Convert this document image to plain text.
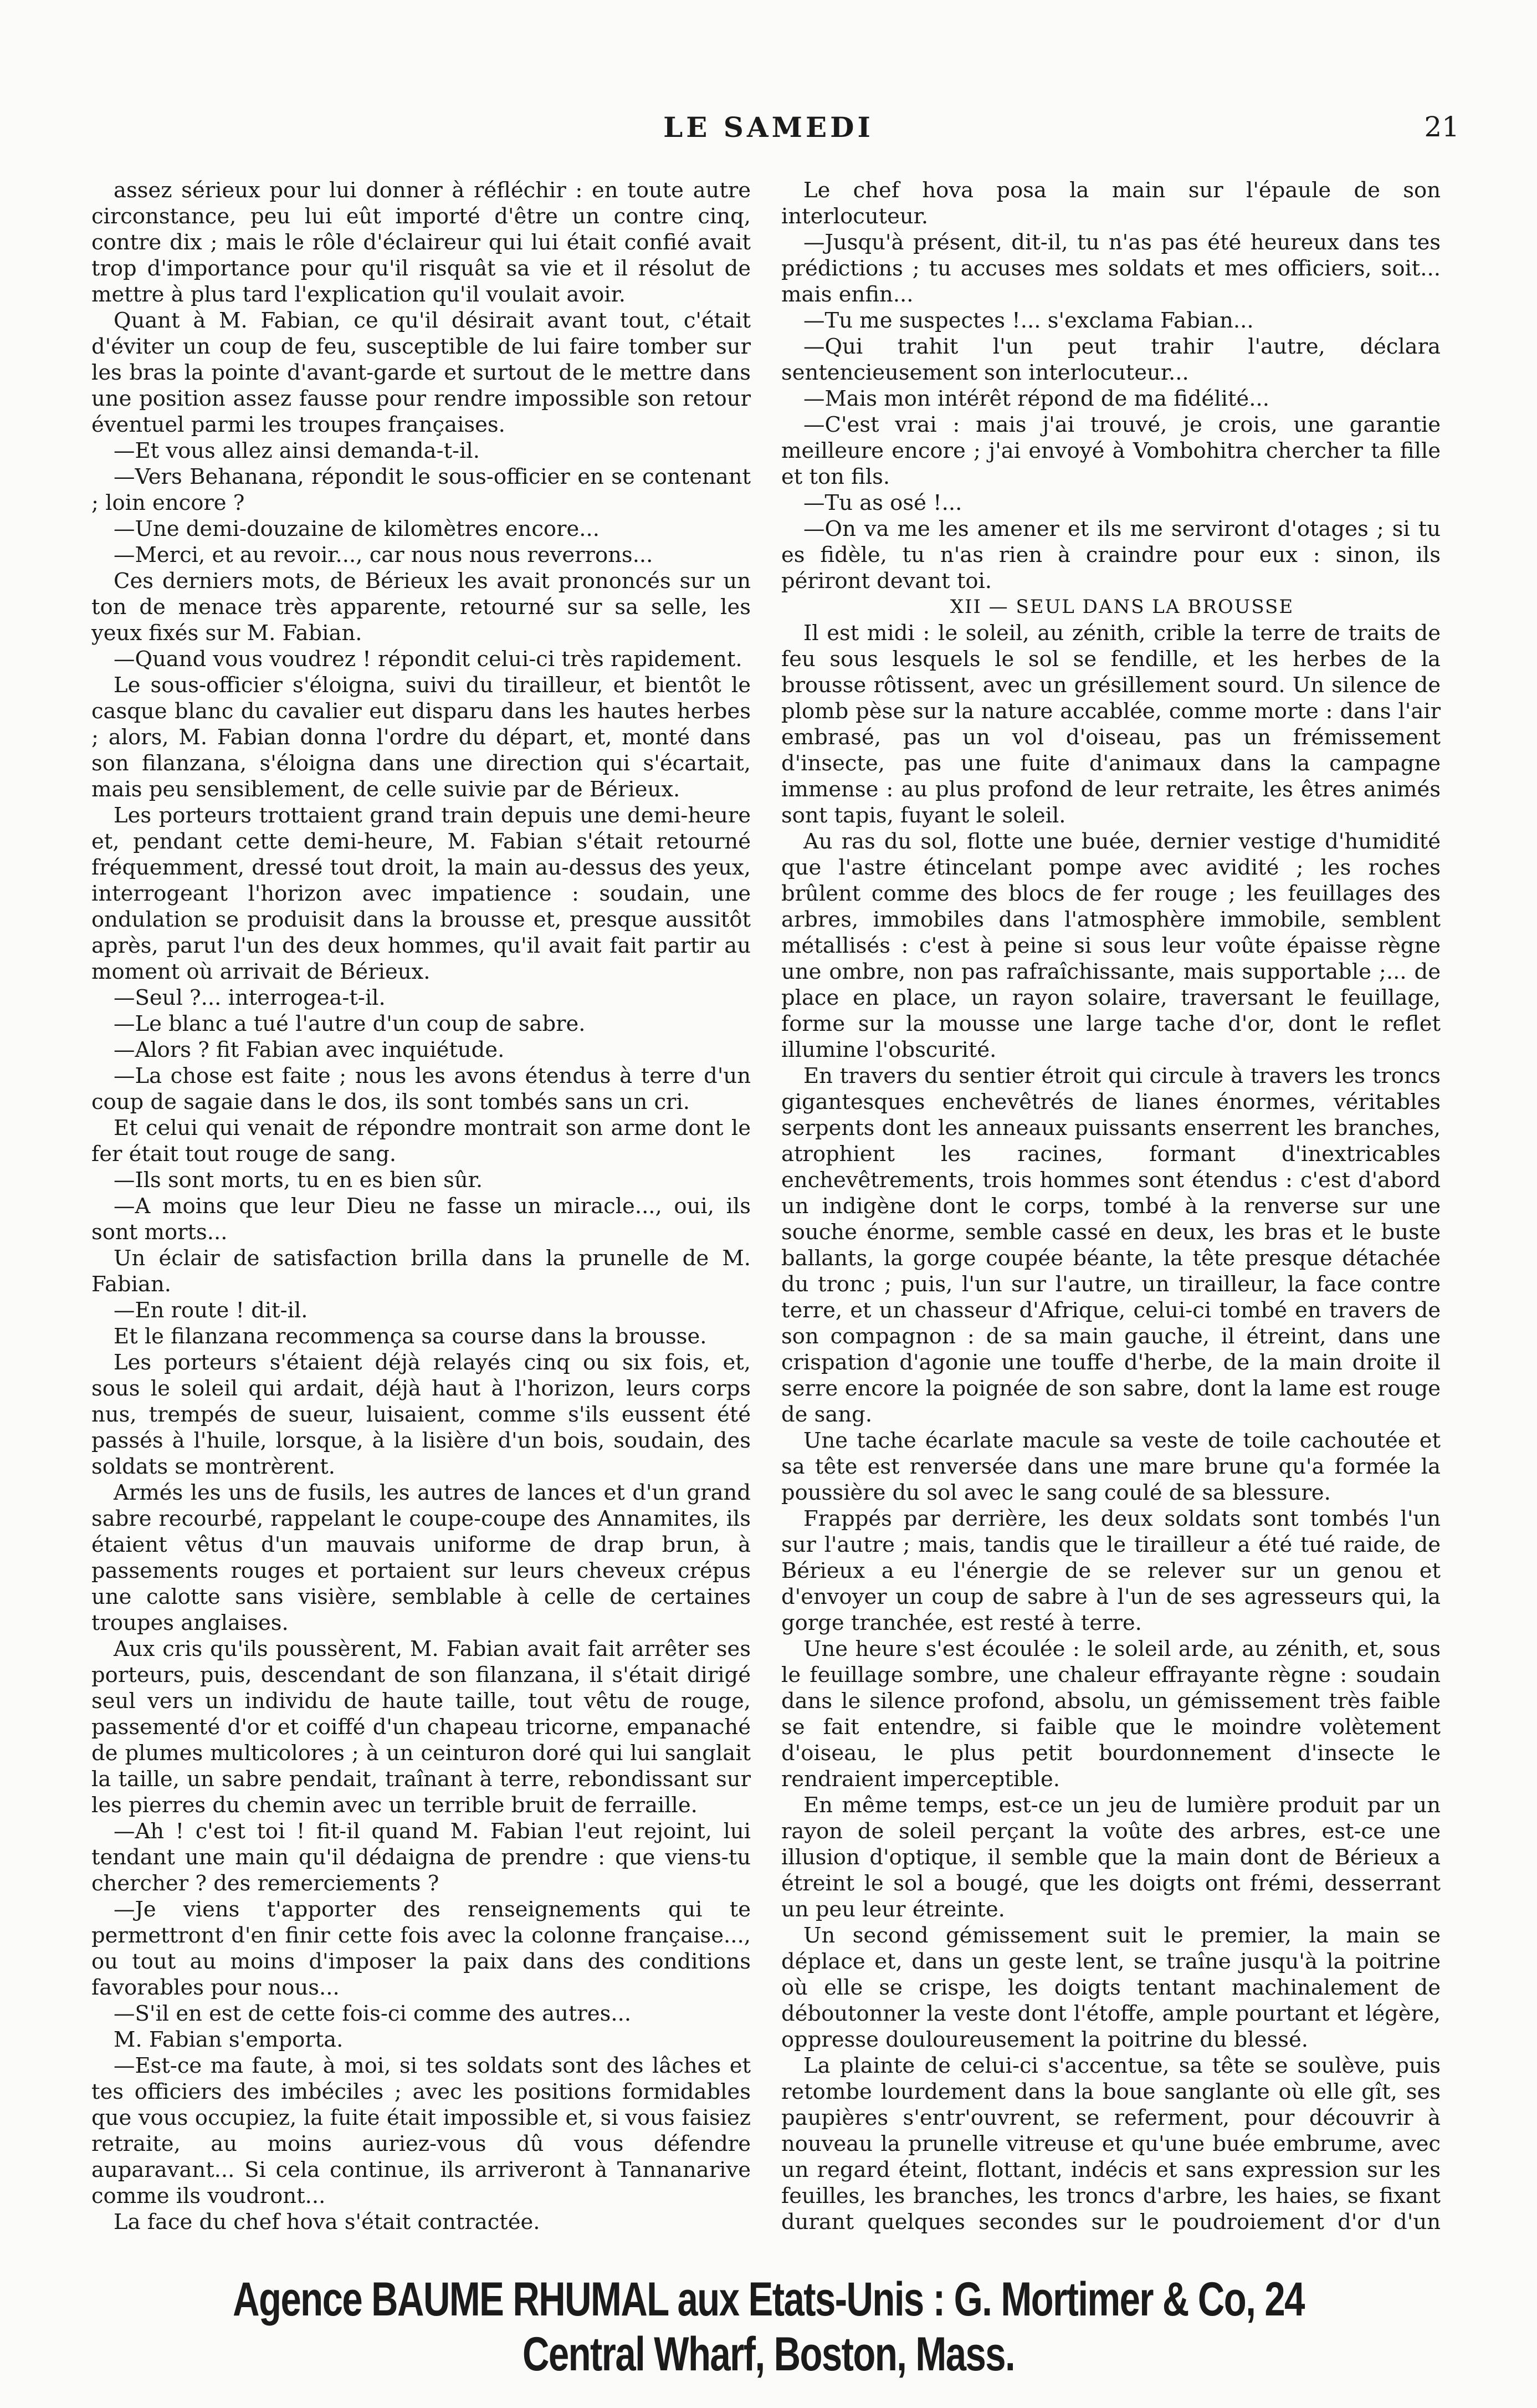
LE SAMEDI	21

assez sérieux pour lui donner à réfléchir : en toute autre circonstance, peu lui eût importé d'être un contre cinq, contre dix ; mais le rôle d'éclaireur qui lui était confié avait trop d'importance pour qu'il risquât sa vie et il résolut de mettre à plus tard l'explication qu'il voulait avoir.

Quant à M. Fabian, ce qu'il désirait avant tout, c'était d'éviter un coup de feu, susceptible de lui faire tomber sur les bras la pointe d'avant-garde et surtout de le mettre dans une position assez fausse pour rendre impossible son retour éventuel parmi les troupes françaises.

—Et vous allez ainsi demanda-t-il.

—Vers Behanana, répondit le sous-officier en se contenant ; loin encore ?

—Une demi-douzaine de kilomètres encore...

—Merci, et au revoir..., car nous nous reverrons...

Ces derniers mots, de Bérieux les avait prononcés sur un ton de menace très apparente, retourné sur sa selle, les yeux fixés sur M. Fabian.

—Quand vous voudrez ! répondit celui-ci très rapidement.

Le sous-officier s'éloigna, suivi du tirailleur, et bientôt le casque blanc du cavalier eut disparu dans les hautes herbes ; alors, M. Fabian donna l'ordre du départ, et, monté dans son filanzana, s'éloigna dans une direction qui s'écartait, mais peu sensiblement, de celle suivie par de Bérieux.

Les porteurs trottaient grand train depuis une demi-heure et, pendant cette demi-heure, M. Fabian s'était retourné fréquemment, dressé tout droit, la main au-dessus des yeux, interrogeant l'horizon avec impatience : soudain, une ondulation se produisit dans la brousse et, presque aussitôt après, parut l'un des deux hommes, qu'il avait fait partir au moment où arrivait de Bérieux.

—Seul ?... interrogea-t-il.

—Le blanc a tué l'autre d'un coup de sabre.

—Alors ? fit Fabian avec inquiétude.

—La chose est faite ; nous les avons étendus à terre d'un coup de sagaie dans le dos, ils sont tombés sans un cri.

Et celui qui venait de répondre montrait son arme dont le fer était tout rouge de sang.

—Ils sont morts, tu en es bien sûr.

—A moins que leur Dieu ne fasse un miracle..., oui, ils sont morts...

Un éclair de satisfaction brilla dans la prunelle de M. Fabian.

—En route ! dit-il.

Et le filanzana recommença sa course dans la brousse.

Les porteurs s'étaient déjà relayés cinq ou six fois, et, sous le soleil qui ardait, déjà haut à l'horizon, leurs corps nus, trempés de sueur, luisaient, comme s'ils eussent été passés à l'huile, lorsque, à la lisière d'un bois, soudain, des soldats se montrèrent.

Armés les uns de fusils, les autres de lances et d'un grand sabre recourbé, rappelant le coupe-coupe des Annamites, ils étaient vêtus d'un mauvais uniforme de drap brun, à passements rouges et portaient sur leurs cheveux crépus une calotte sans visière, semblable à celle de certaines troupes anglaises.

Aux cris qu'ils poussèrent, M. Fabian avait fait arrêter ses porteurs, puis, descendant de son filanzana, il s'était dirigé seul vers un individu de haute taille, tout vêtu de rouge, passementé d'or et coiffé d'un chapeau tricorne, empanaché de plumes multicolores ; à un ceinturon doré qui lui sanglait la taille, un sabre pendait, traînant à terre, rebondissant sur les pierres du chemin avec un terrible bruit de ferraille.

—Ah ! c'est toi ! fit-il quand M. Fabian l'eut rejoint, lui tendant une main qu'il dédaigna de prendre : que viens-tu chercher ? des remerciements ?

—Je viens t'apporter des renseignements qui te permettront d'en finir cette fois avec la colonne française..., ou tout au moins d'imposer la paix dans des conditions favorables pour nous...

—S'il en est de cette fois-ci comme des autres...

M. Fabian s'emporta.

—Est-ce ma faute, à moi, si tes soldats sont des lâches et tes officiers des imbéciles ; avec les positions formidables que vous occupiez, la fuite était impossible et, si vous faisiez retraite, au moins auriez-vous dû vous défendre auparavant... Si cela continue, ils arriveront à Tannanarive comme ils voudront...

La face du chef hova s'était contractée.

Le chef hova posa la main sur l'épaule de son interlocuteur.

—Jusqu'à présent, dit-il, tu n'as pas été heureux dans tes prédictions ; tu accuses mes soldats et mes officiers, soit... mais enfin...

—Tu me suspectes !... s'exclama Fabian...

—Qui trahit l'un peut trahir l'autre, déclara sentencieusement son interlocuteur...

—Mais mon intérêt répond de ma fidélité...

—C'est vrai : mais j'ai trouvé, je crois, une garantie meilleure encore ; j'ai envoyé à Vombohitra chercher ta fille et ton fils.

—Tu as osé !...

—On va me les amener et ils me serviront d'otages ; si tu es fidèle, tu n'as rien à craindre pour eux : sinon, ils périront devant toi.

XII — SEUL DANS LA BROUSSE

Il est midi : le soleil, au zénith, crible la terre de traits de feu sous lesquels le sol se fendille, et les herbes de la brousse rôtissent, avec un grésillement sourd. Un silence de plomb pèse sur la nature accablée, comme morte : dans l'air embrasé, pas un vol d'oiseau, pas un frémissement d'insecte, pas une fuite d'animaux dans la campagne immense : au plus profond de leur retraite, les êtres animés sont tapis, fuyant le soleil.

Au ras du sol, flotte une buée, dernier vestige d'humidité que l'astre étincelant pompe avec avidité ; les roches brûlent comme des blocs de fer rouge ; les feuillages des arbres, immobiles dans l'atmosphère immobile, semblent métallisés : c'est à peine si sous leur voûte épaisse règne une ombre, non pas rafraîchissante, mais supportable ;... de place en place, un rayon solaire, traversant le feuillage, forme sur la mousse une large tache d'or, dont le reflet illumine l'obscurité.

En travers du sentier étroit qui circule à travers les troncs gigantesques enchevêtrés de lianes énormes, véritables serpents dont les anneaux puissants enserrent les branches, atrophient les racines, formant d'inextricables enchevêtrements, trois hommes sont étendus : c'est d'abord un indigène dont le corps, tombé à la renverse sur une souche énorme, semble cassé en deux, les bras et le buste ballants, la gorge coupée béante, la tête presque détachée du tronc ; puis, l'un sur l'autre, un tirailleur, la face contre terre, et un chasseur d'Afrique, celui-ci tombé en travers de son compagnon : de sa main gauche, il étreint, dans une crispation d'agonie une touffe d'herbe, de la main droite il serre encore la poignée de son sabre, dont la lame est rouge de sang.

Une tache écarlate macule sa veste de toile cachoutée et sa tête est renversée dans une mare brune qu'a formée la poussière du sol avec le sang coulé de sa blessure.

Frappés par derrière, les deux soldats sont tombés l'un sur l'autre ; mais, tandis que le tirailleur a été tué raide, de Bérieux a eu l'énergie de se relever sur un genou et d'envoyer un coup de sabre à l'un de ses agresseurs qui, la gorge tranchée, est resté à terre.

Une heure s'est écoulée : le soleil arde, au zénith, et, sous le feuillage sombre, une chaleur effrayante règne : soudain dans le silence profond, absolu, un gémissement très faible se fait entendre, si faible que le moindre volètement d'oiseau, le plus petit bourdonnement d'insecte le rendraient imperceptible.

En même temps, est-ce un jeu de lumière produit par un rayon de soleil perçant la voûte des arbres, est-ce une illusion d'optique, il semble que la main dont de Bérieux a étreint le sol a bougé, que les doigts ont frémi, desserrant un peu leur étreinte.

Un second gémissement suit le premier, la main se déplace et, dans un geste lent, se traîne jusqu'à la poitrine où elle se crispe, les doigts tentant machinalement de déboutonner la veste dont l'étoffe, ample pourtant et légère, oppresse douloureusement la poitrine du blessé.

La plainte de celui-ci s'accentue, sa tête se soulève, puis retombe lourdement dans la boue sanglante où elle gît, ses paupières s'entr'ouvrent, se referment, pour découvrir à nouveau la prunelle vitreuse et qu'une buée embrume, avec un regard éteint, flottant, indécis et sans expression sur les feuilles, les branches, les troncs d'arbre, les haies, se fixant durant quelques secondes sur le poudroiement d'or d'un

Agence BAUME RHUMAL aux Etats-Unis : G. Mortimer & Co, 24 Central Wharf, Boston, Mass.
